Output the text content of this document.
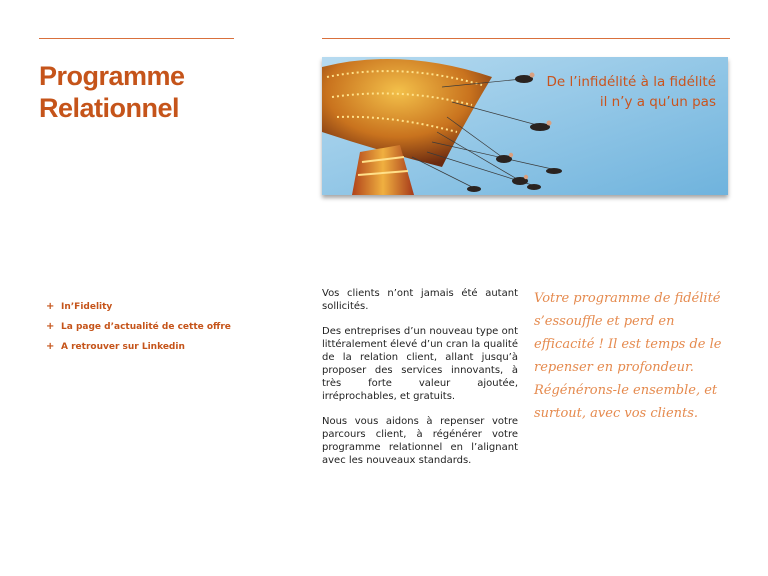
Programme
Relationnel
De l’infidélité à la fidélité
il n’y a qu’un pas
+ In’Fidelity
+ La page d’actualité de cette offre
+ A retrouver sur Linkedin

Vos clients n’ont jamais été autant sollicités.

Des entreprises d’un nouveau type ont littéralement élevé d’un cran la qualité de la relation client, allant jusqu’à proposer des services innovants, à très forte valeur ajoutée, irréprochables, et gratuits.

Nous vous aidons à repenser votre parcours client, à régénérer votre programme relationnel en l’alignant avec les nouveaux standards.

Votre programme de fidélité s’essouffle et perd en efficacité ! Il est temps de le repenser en profondeur. Régénérons-le ensemble, et surtout, avec vos clients.
